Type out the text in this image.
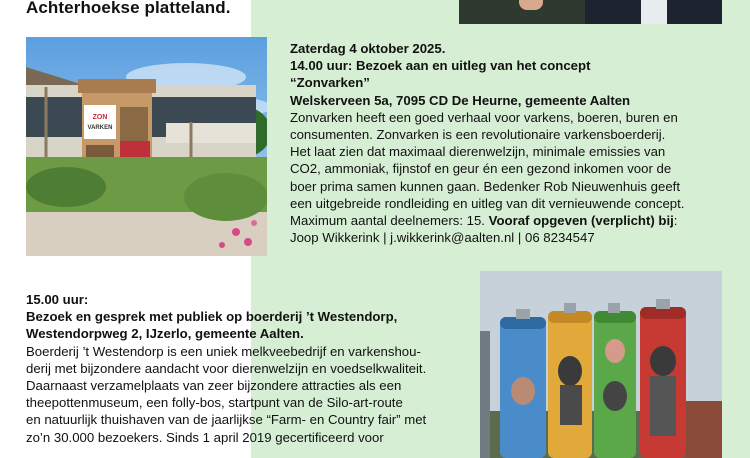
Achterhoekse platteland.
ZON
VARKEN
Zaterdag 4 oktober 2025.
14.00 uur: Bezoek aan en uitleg van het concept
“Zonvarken”
Welskerveen 5a, 7095 CD De Heurne, gemeente Aalten
Zonvarken heeft een goed verhaal voor varkens, boeren, buren en
consumenten. Zonvarken is een revolutionaire varkensboerderij.
Het laat zien dat maximaal dierenwelzijn, minimale emissies van
CO2, ammoniak, fijnstof en geur én een gezond inkomen voor de
boer prima samen kunnen gaan. Bedenker Rob Nieuwenhuis geeft
een uitgebreide rondleiding en uitleg van dit vernieuwende concept.
Maximum aantal deelnemers: 15. Vooraf opgeven (verplicht) bij:
Joop Wikkerink | j.wikkerink@aalten.nl | 06 8234547
15.00 uur:
Bezoek en gesprek met publiek op boerderij ’t Westendorp,
Westendorpweg 2, IJzerlo, gemeente Aalten.
Boerderij ’t Westendorp is een uniek melkveebedrijf en varkenshou-
derij met bijzondere aandacht voor dierenwelzijn en voedselkwaliteit.
Daarnaast verzamelplaats van zeer bijzondere attracties als een
theepottenmuseum, een folly-bos, startpunt van de Silo-art-route
en natuurlijk thuishaven van de jaarlijkse “Farm- en Country fair” met
zo’n 30.000 bezoekers. Sinds 1 april 2019 gecertificeerd voor
